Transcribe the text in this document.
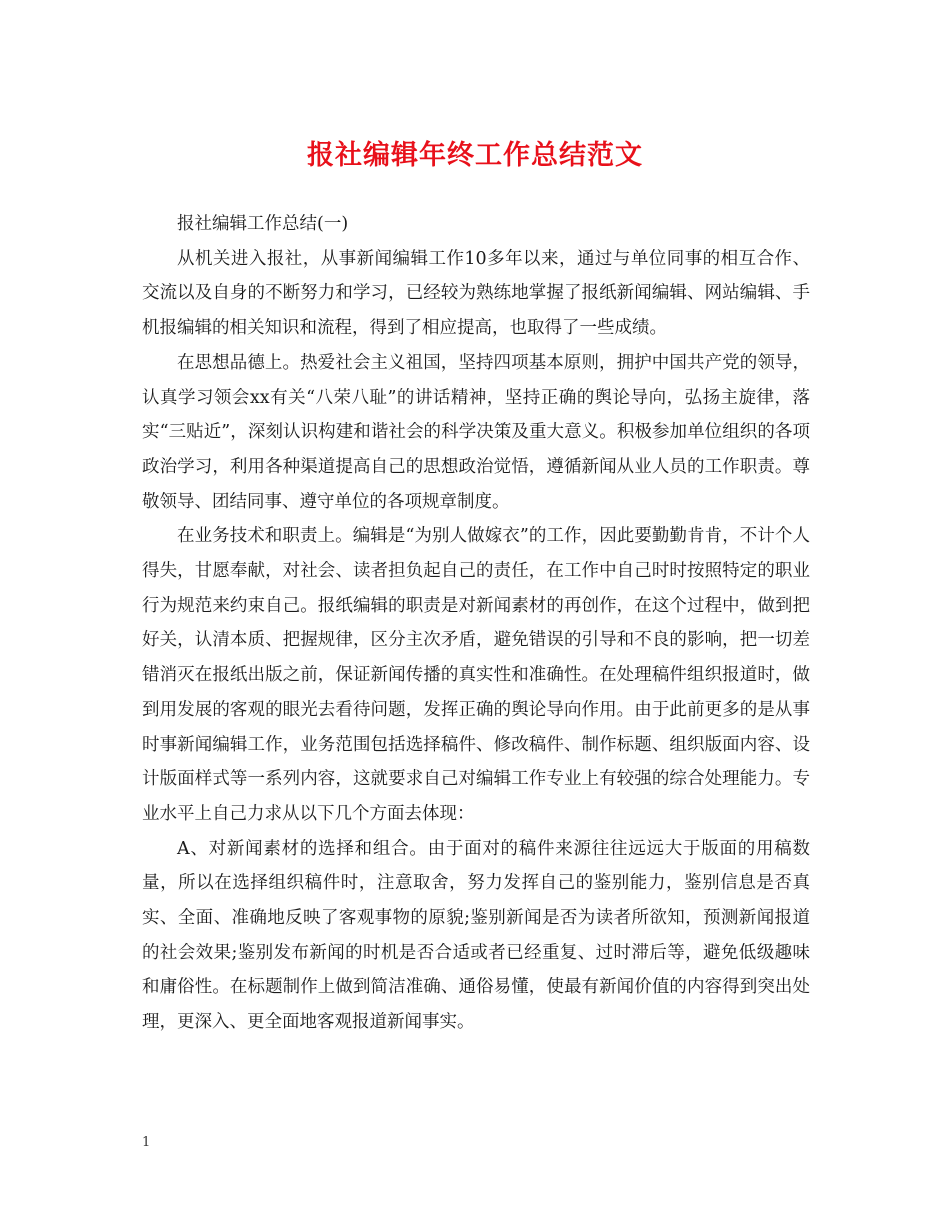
报社编辑年终工作总结范文

报社编辑工作总结(一)

从机关进入报社，从事新闻编辑工作10多年以来，通过与单位同事的相互合作、交流以及自身的不断努力和学习，已经较为熟练地掌握了报纸新闻编辑、网站编辑、手机报编辑的相关知识和流程，得到了相应提高，也取得了一些成绩。

在思想品德上。热爱社会主义祖国，坚持四项基本原则，拥护中国共产党的领导，认真学习领会xx有关“八荣八耻”的讲话精神，坚持正确的舆论导向，弘扬主旋律，落实“三贴近”，深刻认识构建和谐社会的科学决策及重大意义。积极参加单位组织的各项政治学习，利用各种渠道提高自己的思想政治觉悟，遵循新闻从业人员的工作职责。尊敬领导、团结同事、遵守单位的各项规章制度。

在业务技术和职责上。编辑是“为别人做嫁衣”的工作，因此要勤勤肯肯，不计个人得失，甘愿奉献，对社会、读者担负起自己的责任，在工作中自己时时按照特定的职业行为规范来约束自己。报纸编辑的职责是对新闻素材的再创作，在这个过程中，做到把好关，认清本质、把握规律，区分主次矛盾，避免错误的引导和不良的影响，把一切差错消灭在报纸出版之前，保证新闻传播的真实性和准确性。在处理稿件组织报道时，做到用发展的客观的眼光去看待问题，发挥正确的舆论导向作用。由于此前更多的是从事时事新闻编辑工作，业务范围包括选择稿件、修改稿件、制作标题、组织版面内容、设计版面样式等一系列内容，这就要求自己对编辑工作专业上有较强的综合处理能力。专业水平上自己力求从以下几个方面去体现：

A、对新闻素材的选择和组合。由于面对的稿件来源往往远远大于版面的用稿数量，所以在选择组织稿件时，注意取舍，努力发挥自己的鉴别能力，鉴别信息是否真实、全面、准确地反映了客观事物的原貌;鉴别新闻是否为读者所欲知，预测新闻报道的社会效果;鉴别发布新闻的时机是否合适或者已经重复、过时滞后等，避免低级趣味和庸俗性。在标题制作上做到简洁准确、通俗易懂，使最有新闻价值的内容得到突出处理，更深入、更全面地客观报道新闻事实。

1
